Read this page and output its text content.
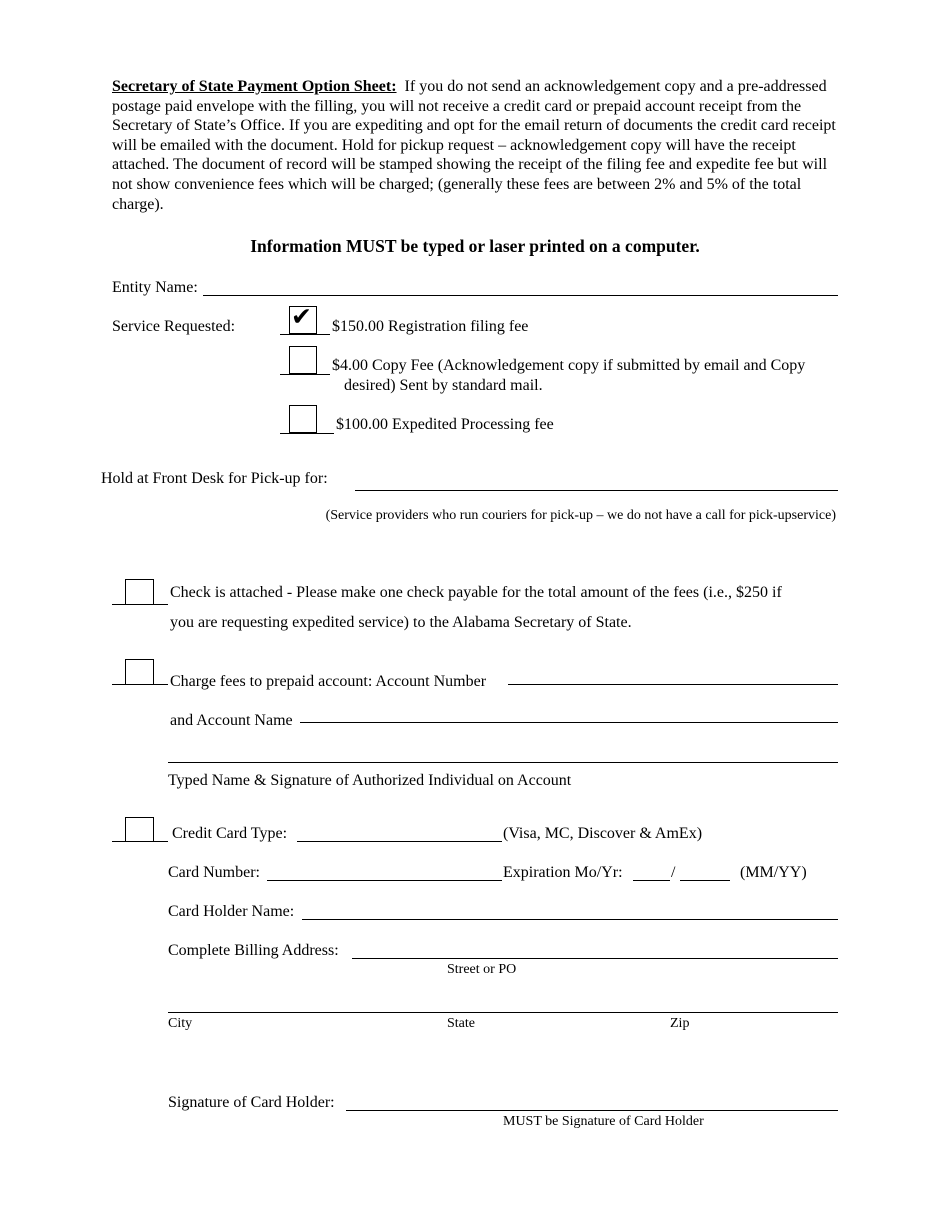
Secretary of State Payment Option Sheet: If you do not send an acknowledgement copy and a pre-addressed postage paid envelope with the filling, you will not receive a credit card or prepaid account receipt from the Secretary of State’s Office. If you are expediting and opt for the email return of documents the credit card receipt will be emailed with the document. Hold for pickup request – acknowledgement copy will have the receipt attached. The document of record will be stamped showing the receipt of the filing fee and expedite fee but will not show convenience fees which will be charged; (generally these fees are between 2% and 5% of the total charge).
Information MUST be typed or laser printed on a computer.
Entity Name:
Service Requested: ✔ $150.00 Registration filing fee
$4.00 Copy Fee (Acknowledgement copy if submitted by email and Copy
desired) Sent by standard mail.
$100.00 Expedited Processing fee
Hold at Front Desk for Pick-up for:
(Service providers who run couriers for pick-up – we do not have a call for pick-upservice)
Check is attached - Please make one check payable for the total amount of the fees (i.e., $250 if
you are requesting expedited service) to the Alabama Secretary of State.
Charge fees to prepaid account: Account Number
and Account Name
Typed Name & Signature of Authorized Individual on Account
Credit Card Type:	(Visa, MC, Discover & AmEx)
Card Number:	Expiration Mo/Yr:	/	(MM/YY)
Card Holder Name:
Complete Billing Address:
Street or PO
City	State	Zip
Signature of Card Holder:
MUST be Signature of Card Holder
